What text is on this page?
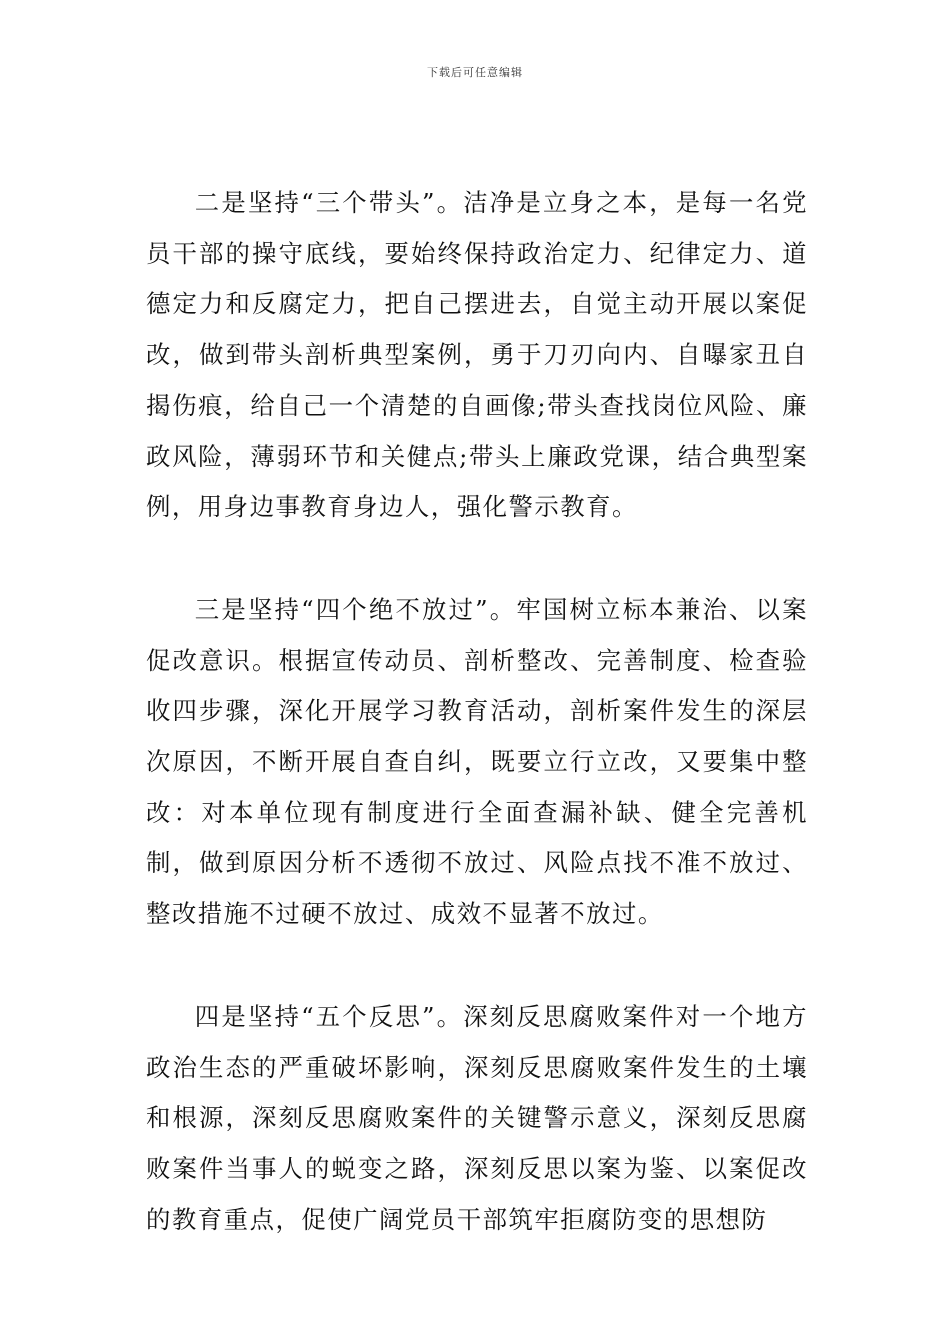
下载后可任意编辑

二是坚持“三个带头”。洁净是立身之本，是每一名党员干部的操守底线，要始终保持政治定力、纪律定力、道德定力和反腐定力，把自己摆进去，自觉主动开展以案促改，做到带头剖析典型案例，勇于刀刃向内、自曝家丑自揭伤痕，给自己一个清楚的自画像;带头查找岗位风险、廉政风险，薄弱环节和关健点;带头上廉政党课，结合典型案例，用身边事教育身边人，强化警示教育。

三是坚持“四个绝不放过”。牢国树立标本兼治、以案促改意识。根据宣传动员、剖析整改、完善制度、检查验收四步骤，深化开展学习教育活动，剖析案件发生的深层次原因，不断开展自查自纠，既要立行立改，又要集中整改：对本单位现有制度进行全面查漏补缺、健全完善机制，做到原因分析不透彻不放过、风险点找不准不放过、整改措施不过硬不放过、成效不显著不放过。

四是坚持“五个反思”。深刻反思腐败案件对一个地方政治生态的严重破坏影响，深刻反思腐败案件发生的土壤和根源，深刻反思腐败案件的关键警示意义，深刻反思腐败案件当事人的蜕变之路，深刻反思以案为鉴、以案促改的教育重点，促使广阔党员干部筑牢拒腐防变的思想防
